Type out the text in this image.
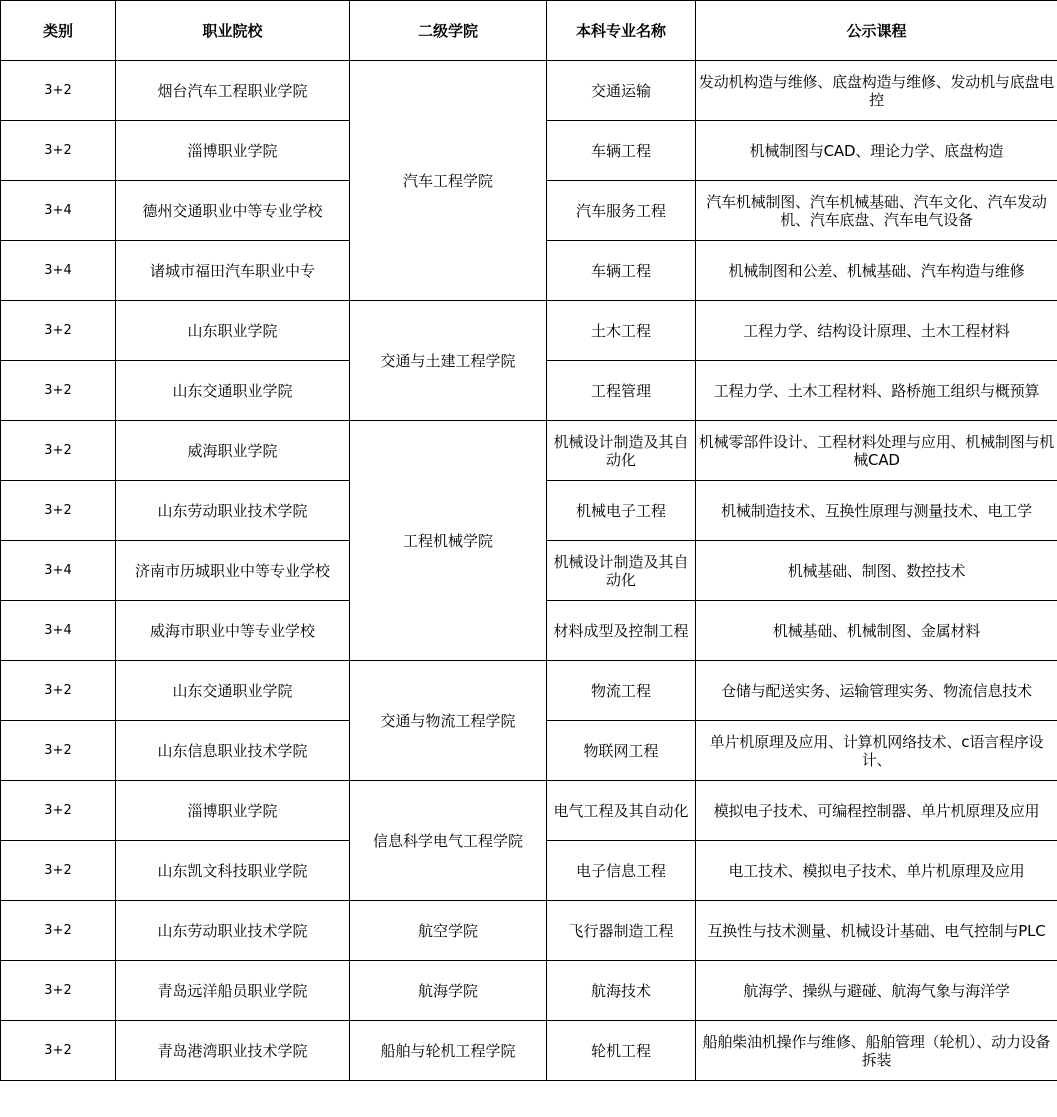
类别	职业院校	二级学院	本科专业名称	公示课程
3+2	烟台汽车工程职业学院	汽车工程学院	交通运输	发动机构造与维修、底盘构造与维修、发动机与底盘电控
3+2	淄博职业学院		车辆工程	机械制图与CAD、理论力学、底盘构造
3+4	德州交通职业中等专业学校		汽车服务工程	汽车机械制图、汽车机械基础、汽车文化、汽车发动机、汽车底盘、汽车电气设备
3+4	诸城市福田汽车职业中专		车辆工程	机械制图和公差、机械基础、汽车构造与维修
3+2	山东职业学院	交通与土建工程学院	土木工程	工程力学、结构设计原理、土木工程材料
3+2	山东交通职业学院		工程管理	工程力学、土木工程材料、路桥施工组织与概预算
3+2	威海职业学院	工程机械学院	机械设计制造及其自动化	机械零部件设计、工程材料处理与应用、机械制图与机械CAD
3+2	山东劳动职业技术学院		机械电子工程	机械制造技术、互换性原理与测量技术、电工学
3+4	济南市历城职业中等专业学校		机械设计制造及其自动化	机械基础、制图、数控技术
3+4	威海市职业中等专业学校		材料成型及控制工程	机械基础、机械制图、金属材料
3+2	山东交通职业学院	交通与物流工程学院	物流工程	仓储与配送实务、运输管理实务、物流信息技术
3+2	山东信息职业技术学院		物联网工程	单片机原理及应用、计算机网络技术、c语言程序设计、
3+2	淄博职业学院	信息科学电气工程学院	电气工程及其自动化	模拟电子技术、可编程控制器、单片机原理及应用
3+2	山东凯文科技职业学院		电子信息工程	电工技术、模拟电子技术、单片机原理及应用
3+2	山东劳动职业技术学院	航空学院	飞行器制造工程	互换性与技术测量、机械设计基础、电气控制与PLC
3+2	青岛远洋船员职业学院	航海学院	航海技术	航海学、操纵与避碰、航海气象与海洋学
3+2	青岛港湾职业技术学院	船舶与轮机工程学院	轮机工程	船舶柴油机操作与维修、船舶管理（轮机）、动力设备拆装
